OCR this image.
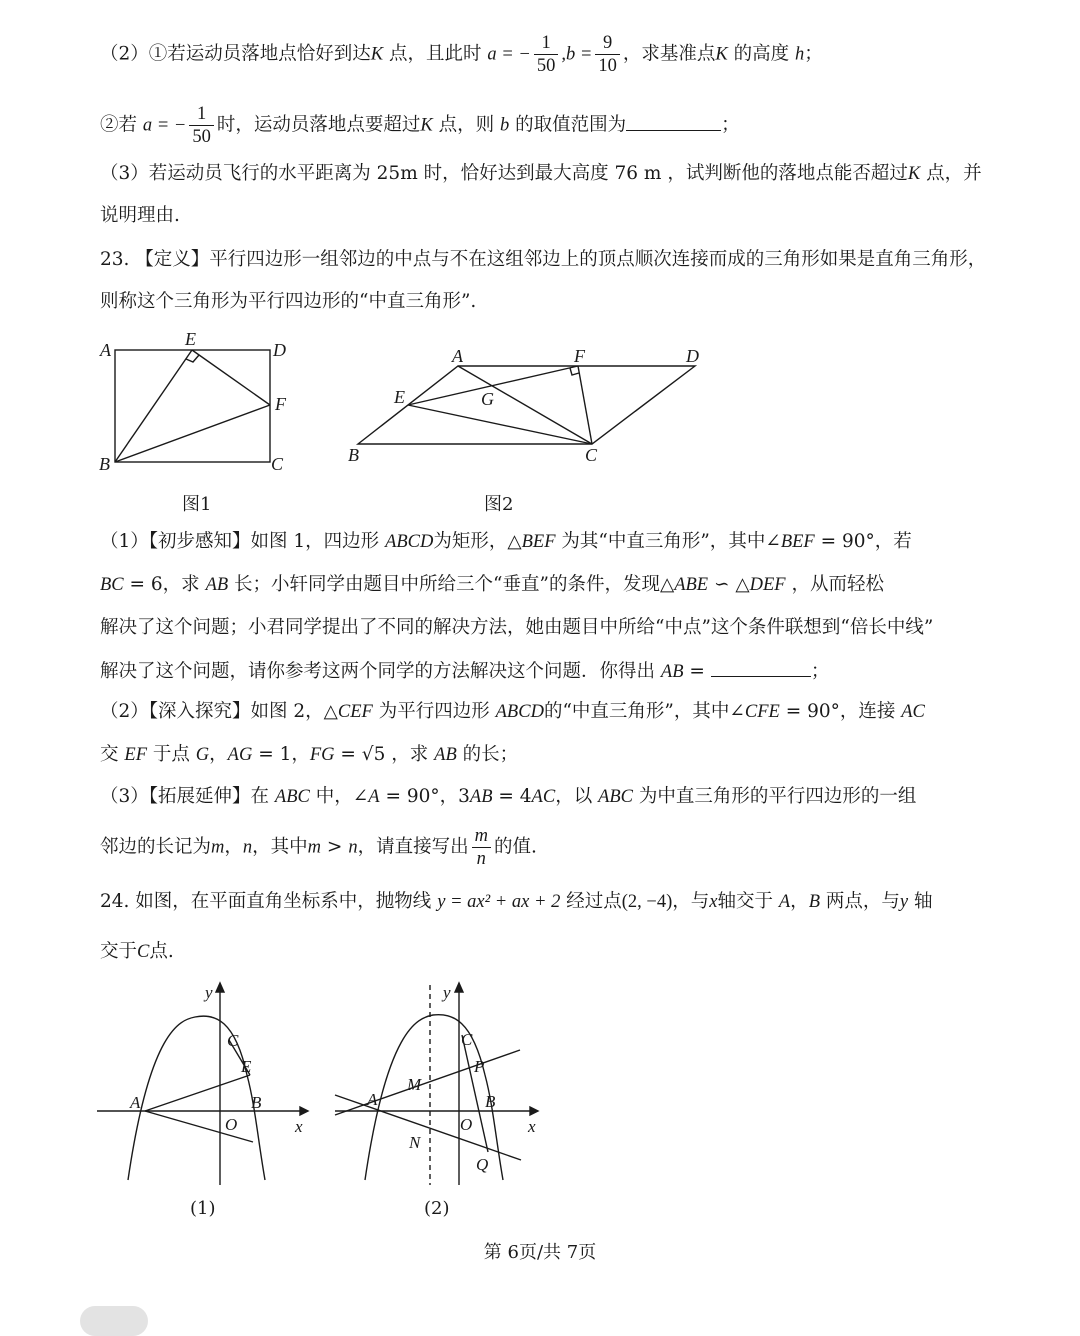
（2）①若运动员落地点恰好到达K 点，且此时 a = − $\frac{1}{50} ,b = \frac{9}{10}$ ，求基准点K 的高度 h；
②若 a = − $\frac{1}{50}$ 时，运动员落地点要超过K 点，则 b 的取值范围为	；
（3）若运动员飞行的水平距离为 25m 时，恰好达到最大高度 76 m ，试判断他的落地点能否超过K 点，并
说明理由.
23. 【定义】平行四边形一组邻边的中点与不在这组邻边上的顶点顺次连接而成的三角形如果是直角三角形，
则称这个三角形为平行四边形的“中直三角形”.
A
E
D
F
B	C
图1
A	F	D
E	G
B	C
图2
（1）【初步感知】如图 1，四边形 ABCD为矩形，△BEF 为其“中直三角形”，其中∠BEF = 90°，若
BC = 6，求 AB 长；小轩同学由题目中所给三个“垂直”的条件，发现△ABE ∽ △DEF ，从而轻松
解决了这个问题；小君同学提出了不同的解决方法，她由题目中所给“中点”这个条件联想到“倍长中线”
解决了这个问题，请你参考这两个同学的方法解决这个问题．你得出 AB =	；
（2）【深入探究】如图 2，△CEF 为平行四边形 ABCD的“中直三角形”，其中∠CFE = 90°，连接 AC
交 EF 于点 G，AG = 1，FG = √5 ，求 AB 的长；
（3）【拓展延伸】在 ABC 中，∠A = 90°，3AB = 4AC，以 ABC 为中直三角形的平行四边形的一组
邻边的长记为m，n，其中m > n，请直接写出 $\frac{m}{n}$ 的值.
24. 如图，在平面直角坐标系中，抛物线 y = ax² + ax + 2 经过点(2, −4)，与x轴交于 A，B 两点，与y 轴
交于C点.
y
C
E
B
A
O	x
(1)
y
C
P
M
A	B
O	x
N
Q
(2)
第 6页/共 7页
